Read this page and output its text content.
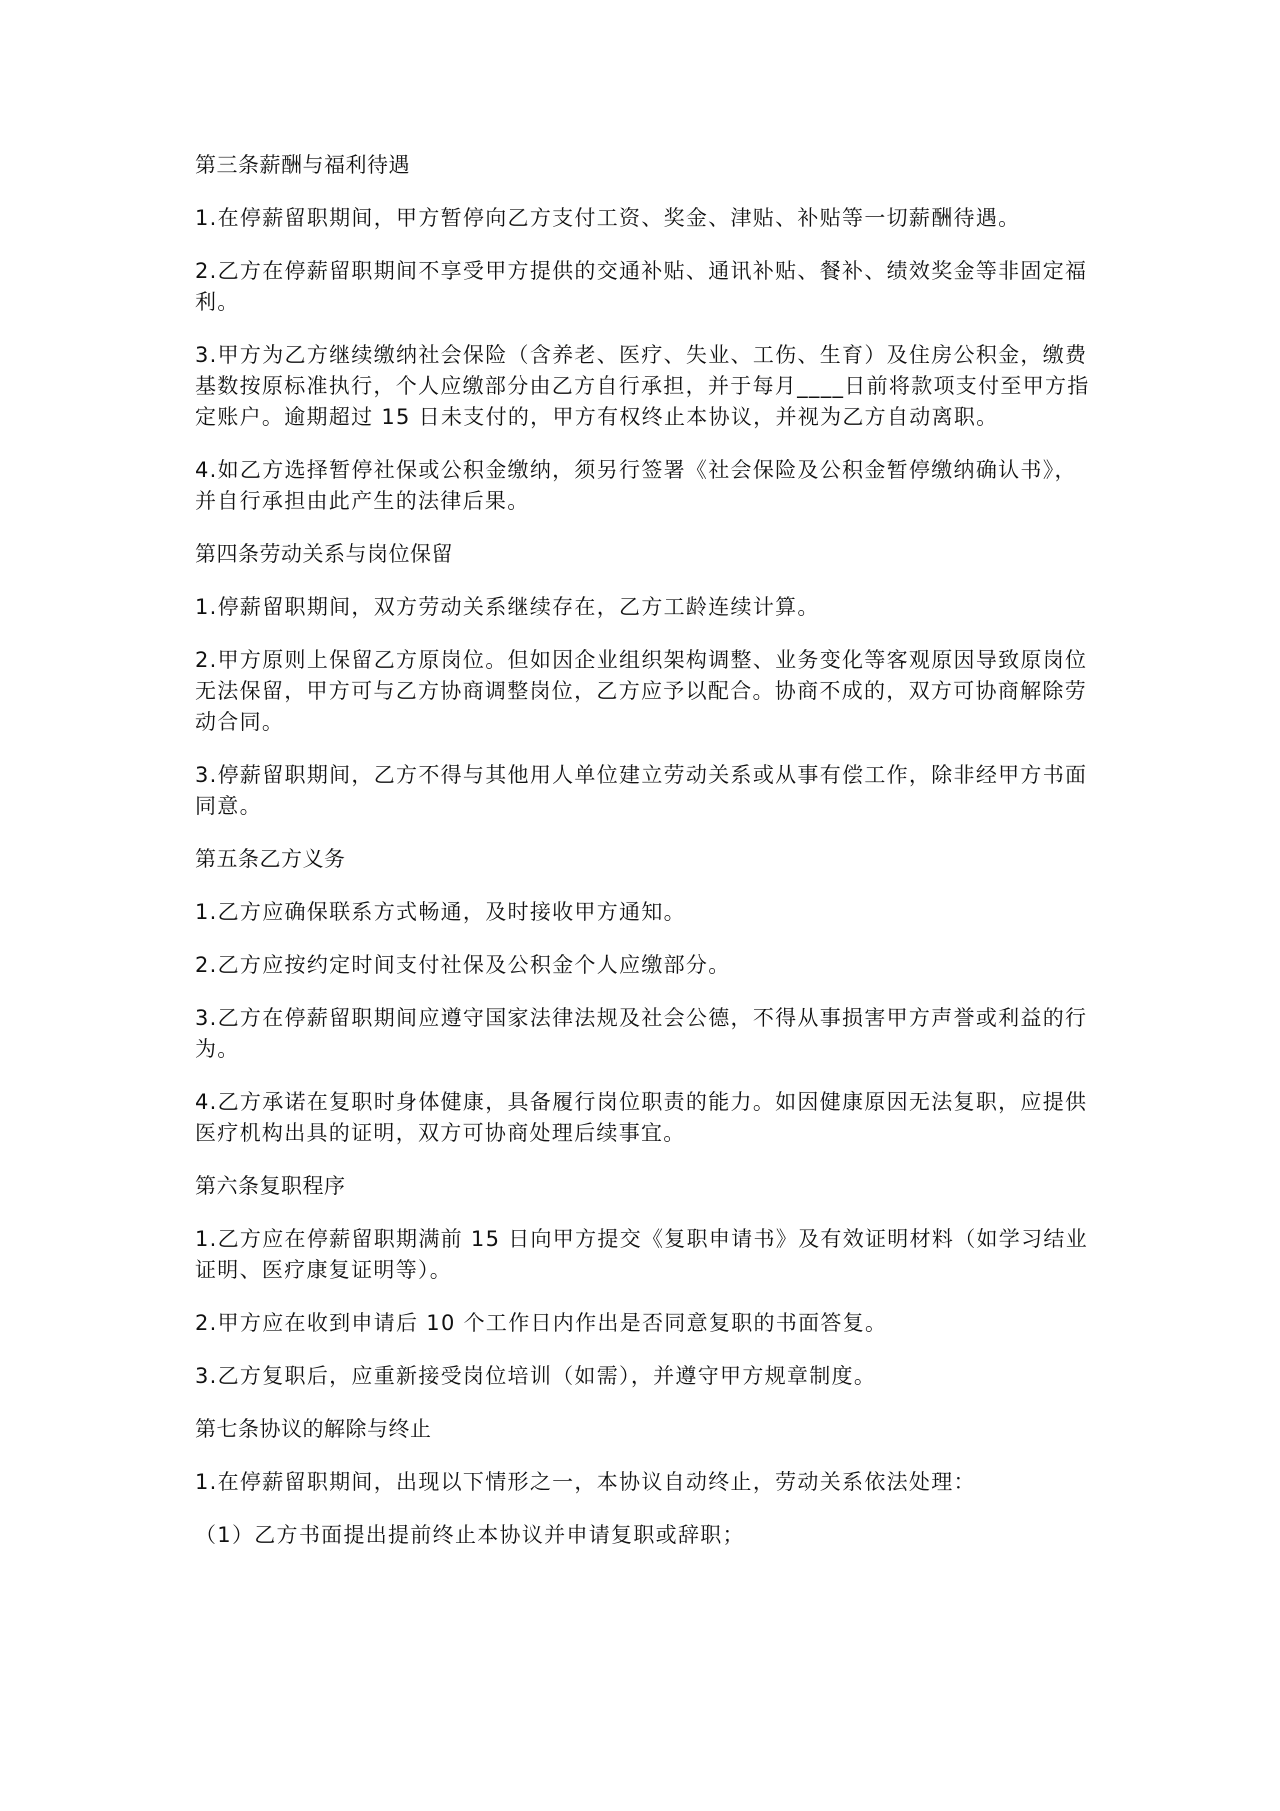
第三条薪酬与福利待遇

1.在停薪留职期间，甲方暂停向乙方支付工资、奖金、津贴、补贴等一切薪酬待遇。

2.乙方在停薪留职期间不享受甲方提供的交通补贴、通讯补贴、餐补、绩效奖金等非固定福利。

3.甲方为乙方继续缴纳社会保险（含养老、医疗、失业、工伤、生育）及住房公积金，缴费基数按原标准执行，个人应缴部分由乙方自行承担，并于每月____日前将款项支付至甲方指定账户。逾期超过 15 日未支付的，甲方有权终止本协议，并视为乙方自动离职。

4.如乙方选择暂停社保或公积金缴纳，须另行签署《社会保险及公积金暂停缴纳确认书》，并自行承担由此产生的法律后果。

第四条劳动关系与岗位保留

1.停薪留职期间，双方劳动关系继续存在，乙方工龄连续计算。

2.甲方原则上保留乙方原岗位。但如因企业组织架构调整、业务变化等客观原因导致原岗位无法保留，甲方可与乙方协商调整岗位，乙方应予以配合。协商不成的，双方可协商解除劳动合同。

3.停薪留职期间，乙方不得与其他用人单位建立劳动关系或从事有偿工作，除非经甲方书面同意。

第五条乙方义务

1.乙方应确保联系方式畅通，及时接收甲方通知。

2.乙方应按约定时间支付社保及公积金个人应缴部分。

3.乙方在停薪留职期间应遵守国家法律法规及社会公德，不得从事损害甲方声誉或利益的行为。

4.乙方承诺在复职时身体健康，具备履行岗位职责的能力。如因健康原因无法复职，应提供医疗机构出具的证明，双方可协商处理后续事宜。

第六条复职程序

1.乙方应在停薪留职期满前 15 日向甲方提交《复职申请书》及有效证明材料（如学习结业证明、医疗康复证明等）。

2.甲方应在收到申请后 10 个工作日内作出是否同意复职的书面答复。

3.乙方复职后，应重新接受岗位培训（如需），并遵守甲方规章制度。

第七条协议的解除与终止

1.在停薪留职期间，出现以下情形之一，本协议自动终止，劳动关系依法处理：

（1）乙方书面提出提前终止本协议并申请复职或辞职；
